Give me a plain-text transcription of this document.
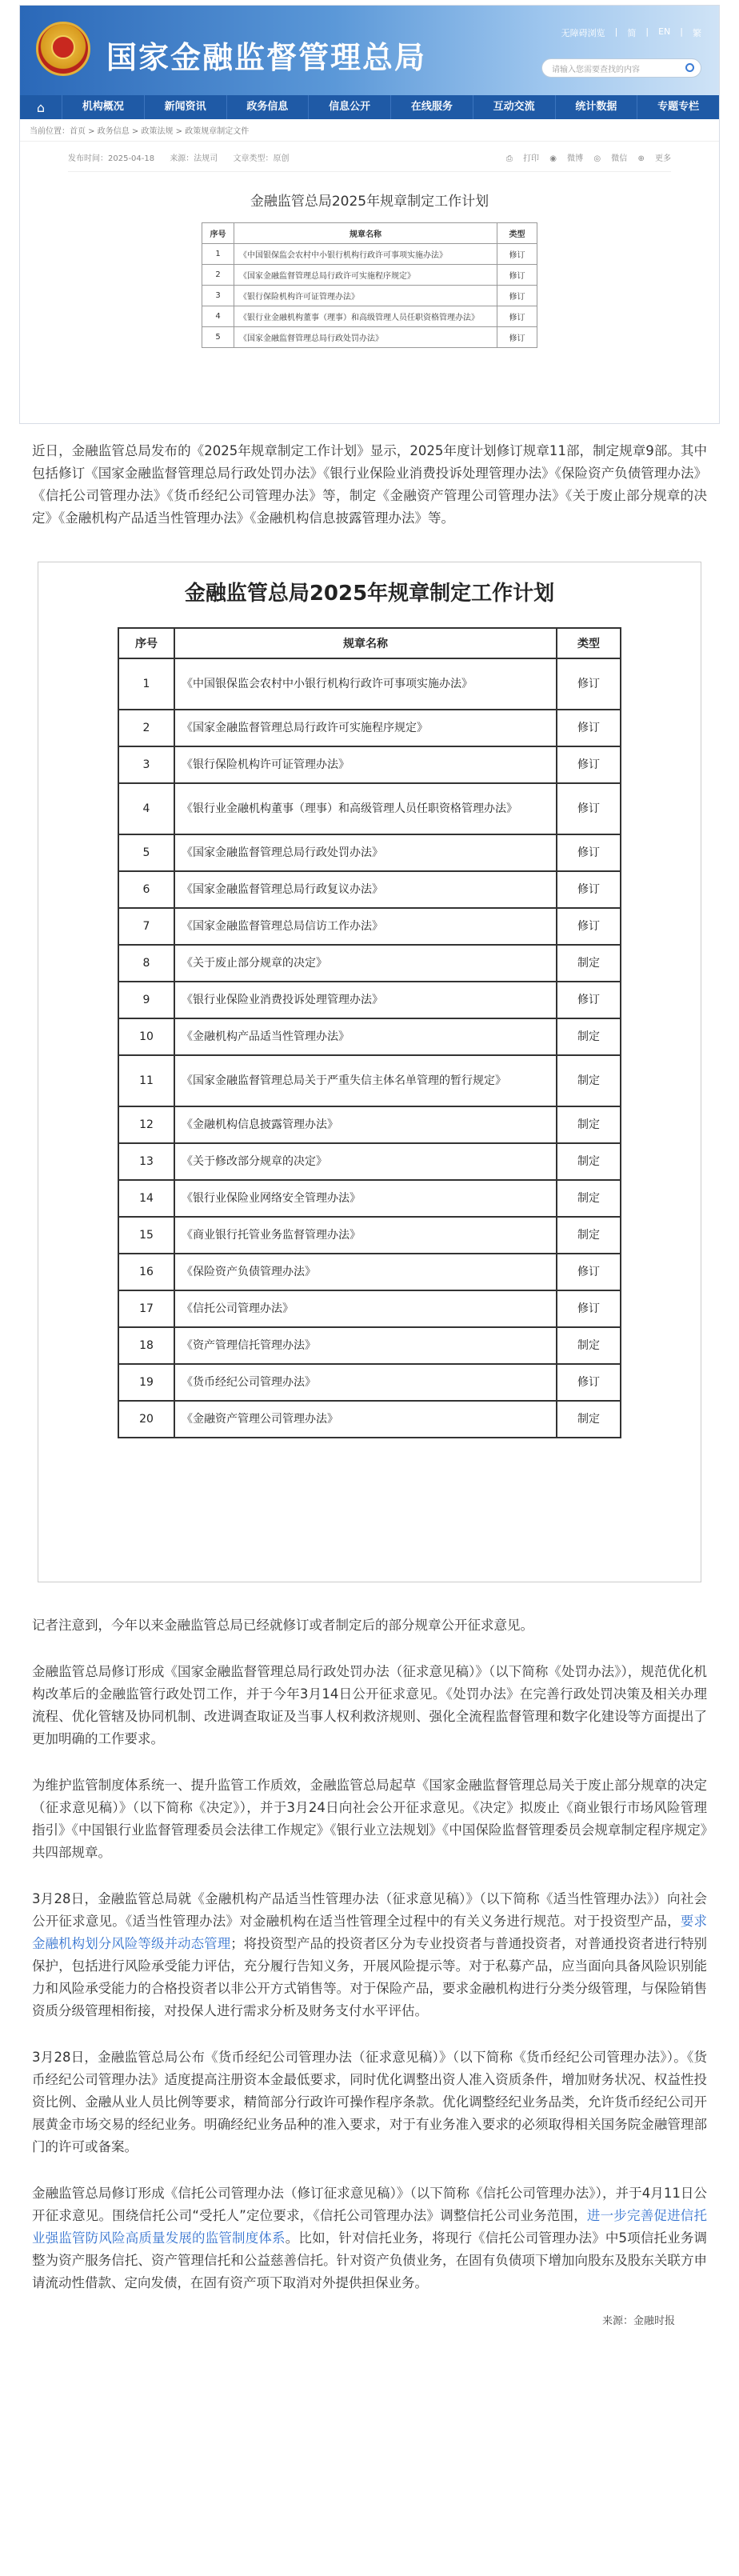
国家金融监督管理总局
无障碍浏览 | 简 | EN | 繁
请输入您需要查找的内容
⌂	机构概况	新闻资讯	政务信息	信息公开	在线服务	互动交流	统计数据	专题专栏
当前位置：首页 > 政务信息 > 政策法规 > 政策规章制定文件
发布时间：2025-04-18 来源：法规司 文章类型：原创	⎙ 打印 ◉ 微博 ◎ 微信 ⊕ 更多
金融监管总局2025年规章制定工作计划
序号	规章名称	类型
1	《中国银保监会农村中小银行机构行政许可事项实施办法》	修订
2	《国家金融监督管理总局行政许可实施程序规定》	修订
3	《银行保险机构许可证管理办法》	修订
4	《银行业金融机构董事（理事）和高级管理人员任职资格管理办法》	修订
5	《国家金融监督管理总局行政处罚办法》	修订

近日，金融监管总局发布的《2025年规章制定工作计划》显示，2025年度计划修订规章11部，制定规章9部。其中包括修订《国家金融监督管理总局行政处罚办法》《银行业保险业消费投诉处理管理办法》《保险资产负债管理办法》《信托公司管理办法》《货币经纪公司管理办法》等，制定《金融资产管理公司管理办法》《关于废止部分规章的决定》《金融机构产品适当性管理办法》《金融机构信息披露管理办法》等。

金融监管总局2025年规章制定工作计划
序号	规章名称	类型
1	《中国银保监会农村中小银行机构行政许可事项实施办法》	修订
2	《国家金融监督管理总局行政许可实施程序规定》	修订
3	《银行保险机构许可证管理办法》	修订
4	《银行业金融机构董事（理事）和高级管理人员任职资格管理办法》	修订
5	《国家金融监督管理总局行政处罚办法》	修订
6	《国家金融监督管理总局行政复议办法》	修订
7	《国家金融监督管理总局信访工作办法》	修订
8	《关于废止部分规章的决定》	制定
9	《银行业保险业消费投诉处理管理办法》	修订
10	《金融机构产品适当性管理办法》	制定
11	《国家金融监督管理总局关于严重失信主体名单管理的暂行规定》	制定
12	《金融机构信息披露管理办法》	制定
13	《关于修改部分规章的决定》	制定
14	《银行业保险业网络安全管理办法》	制定
15	《商业银行托管业务监督管理办法》	制定
16	《保险资产负债管理办法》	修订
17	《信托公司管理办法》	修订
18	《资产管理信托管理办法》	制定
19	《货币经纪公司管理办法》	修订
20	《金融资产管理公司管理办法》	制定

记者注意到，今年以来金融监管总局已经就修订或者制定后的部分规章公开征求意见。

金融监管总局修订形成《国家金融监督管理总局行政处罚办法（征求意见稿）》（以下简称《处罚办法》），规范优化机构改革后的金融监管行政处罚工作，并于今年3月14日公开征求意见。《处罚办法》在完善行政处罚决策及相关办理流程、优化管辖及协同机制、改进调查取证及当事人权利救济规则、强化全流程监督管理和数字化建设等方面提出了更加明确的工作要求。

为维护监管制度体系统一、提升监管工作质效，金融监管总局起草《国家金融监督管理总局关于废止部分规章的决定（征求意见稿）》（以下简称《决定》），并于3月24日向社会公开征求意见。《决定》拟废止《商业银行市场风险管理指引》《中国银行业监督管理委员会法律工作规定》《银行业立法规划》《中国保险监督管理委员会规章制定程序规定》共四部规章。

3月28日，金融监管总局就《金融机构产品适当性管理办法（征求意见稿）》（以下简称《适当性管理办法》）向社会公开征求意见。《适当性管理办法》对金融机构在适当性管理全过程中的有关义务进行规范。对于投资型产品，要求金融机构划分风险等级并动态管理；将投资型产品的投资者区分为专业投资者与普通投资者，对普通投资者进行特别保护，包括进行风险承受能力评估，充分履行告知义务，开展风险提示等。对于私募产品，应当面向具备风险识别能力和风险承受能力的合格投资者以非公开方式销售等。对于保险产品，要求金融机构进行分类分级管理，与保险销售资质分级管理相衔接，对投保人进行需求分析及财务支付水平评估。

3月28日，金融监管总局公布《货币经纪公司管理办法（征求意见稿）》（以下简称《货币经纪公司管理办法》）。《货币经纪公司管理办法》适度提高注册资本金最低要求，同时优化调整出资人准入资质条件，增加财务状况、权益性投资比例、金融从业人员比例等要求，精简部分行政许可操作程序条款。优化调整经纪业务品类，允许货币经纪公司开展黄金市场交易的经纪业务。明确经纪业务品种的准入要求，对于有业务准入要求的必须取得相关国务院金融管理部门的许可或备案。

金融监管总局修订形成《信托公司管理办法（修订征求意见稿）》（以下简称《信托公司管理办法》），并于4月11日公开征求意见。围绕信托公司“受托人”定位要求，《信托公司管理办法》调整信托公司业务范围，进一步完善促进信托业强监管防风险高质量发展的监管制度体系。比如，针对信托业务，将现行《信托公司管理办法》中5项信托业务调整为资产服务信托、资产管理信托和公益慈善信托。针对资产负债业务，在固有负债项下增加向股东及股东关联方申请流动性借款、定向发债，在固有资产项下取消对外提供担保业务。

来源：金融时报
